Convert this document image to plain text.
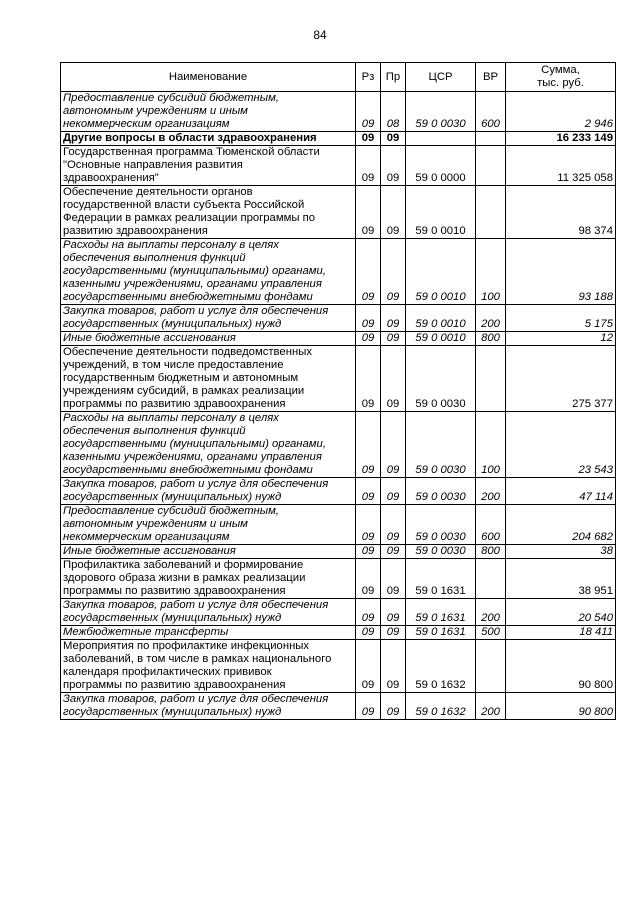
84
Наименование	Рз	Пр	ЦСР	ВР	Сумма,
тыс. руб.

Предоставление субсидий бюджетным,
автономным учреждениям и иным
некоммерческим организациям	09	08	59 0 0030	600	2 946

Другие вопросы в области здравоохранения	09	09			16 233 149

Государственная программа Тюменской области
"Основные направления развития
здравоохранения"	09	09	59 0 0000		11 325 058

Обеспечение деятельности органов
государственной власти субъекта Российской
Федерации в рамках реализации программы по
развитию здравоохранения	09	09	59 0 0010		98 374

Расходы на выплаты персоналу в целях
обеспечения выполнения функций
государственными (муниципальными) органами,
казенными учреждениями, органами управления
государственными внебюджетными фондами	09	09	59 0 0010	100	93 188

Закупка товаров, работ и услуг для обеспечения
государственных (муниципальных) нужд	09	09	59 0 0010	200	5 175

Иные бюджетные ассигнования	09	09	59 0 0010	800	12

Обеспечение деятельности подведомственных
учреждений, в том числе предоставление
государственным бюджетным и автономным
учреждениям субсидий, в рамках реализации
программы по развитию здравоохранения	09	09	59 0 0030		275 377

Расходы на выплаты персоналу в целях
обеспечения выполнения функций
государственными (муниципальными) органами,
казенными учреждениями, органами управления
государственными внебюджетными фондами	09	09	59 0 0030	100	23 543

Закупка товаров, работ и услуг для обеспечения
государственных (муниципальных) нужд	09	09	59 0 0030	200	47 114

Предоставление субсидий бюджетным,
автономным учреждениям и иным
некоммерческим организациям	09	09	59 0 0030	600	204 682

Иные бюджетные ассигнования	09	09	59 0 0030	800	38

Профилактика заболеваний и формирование
здорового образа жизни в рамках реализации
программы по развитию здравоохранения	09	09	59 0 1631		38 951

Закупка товаров, работ и услуг для обеспечения
государственных (муниципальных) нужд	09	09	59 0 1631	200	20 540

Межбюджетные трансферты	09	09	59 0 1631	500	18 411

Мероприятия по профилактике инфекционных
заболеваний, в том числе в рамках национального
календаря профилактических прививок
программы по развитию здравоохранения	09	09	59 0 1632		90 800

Закупка товаров, работ и услуг для обеспечения
государственных (муниципальных) нужд	09	09	59 0 1632	200	90 800
